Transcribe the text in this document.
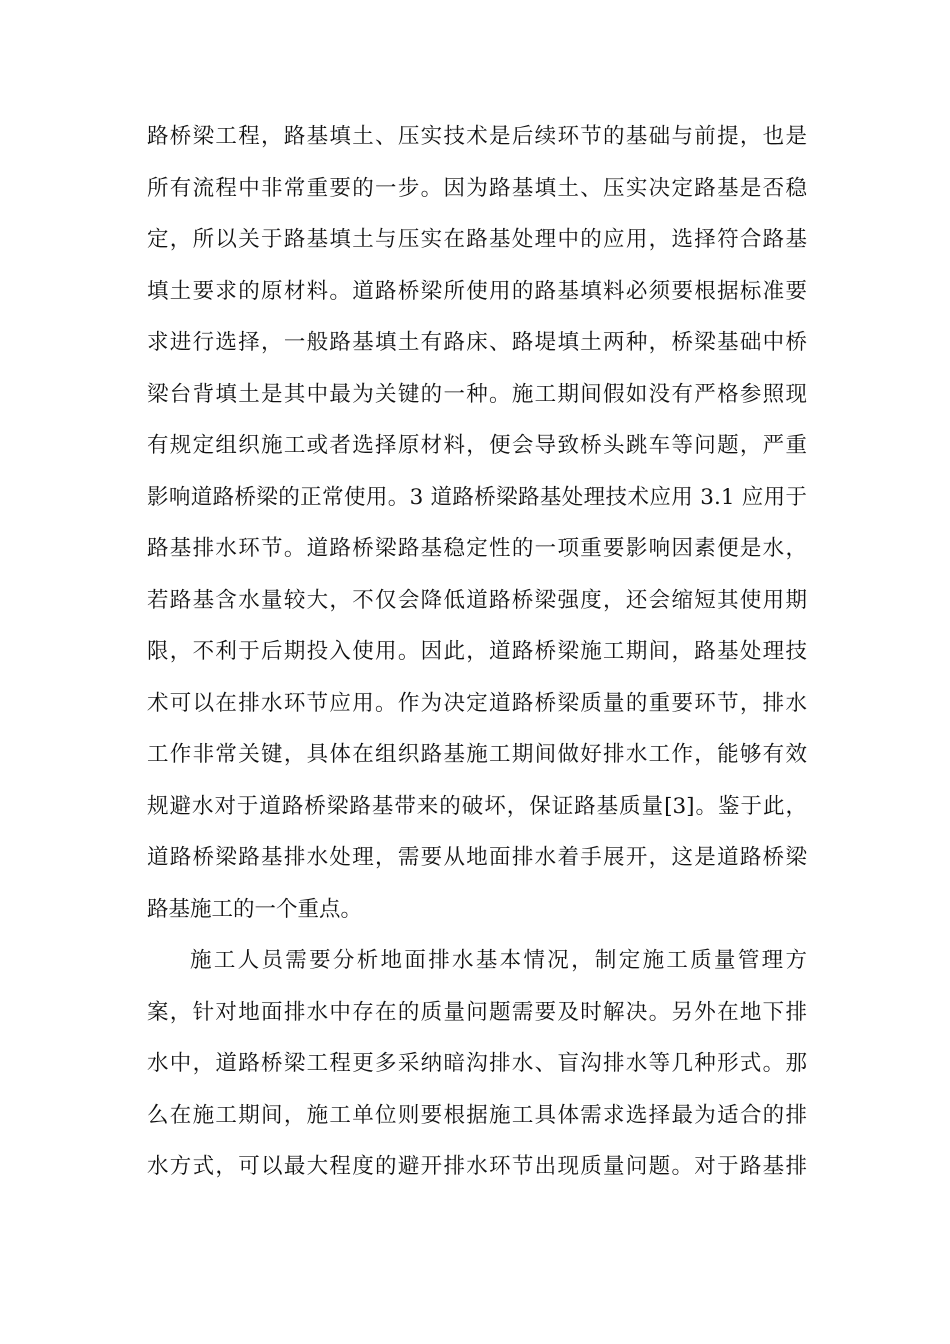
路桥梁工程，路基填土、压实技术是后续环节的基础与前提，也是
所有流程中非常重要的一步。因为路基填土、压实决定路基是否稳
定，所以关于路基填土与压实在路基处理中的应用，选择符合路基
填土要求的原材料。道路桥梁所使用的路基填料必须要根据标准要
求进行选择，一般路基填土有路床、路堤填土两种，桥梁基础中桥
梁台背填土是其中最为关键的一种。施工期间假如没有严格参照现
有规定组织施工或者选择原材料，便会导致桥头跳车等问题，严重
影响道路桥梁的正常使用。3 道路桥梁路基处理技术应用 3.1 应用于
路基排水环节。道路桥梁路基稳定性的一项重要影响因素便是水，
若路基含水量较大，不仅会降低道路桥梁强度，还会缩短其使用期
限，不利于后期投入使用。因此，道路桥梁施工期间，路基处理技
术可以在排水环节应用。作为决定道路桥梁质量的重要环节，排水
工作非常关键，具体在组织路基施工期间做好排水工作，能够有效
规避水对于道路桥梁路基带来的破坏，保证路基质量[3]。鉴于此，
道路桥梁路基排水处理，需要从地面排水着手展开，这是道路桥梁
路基施工的一个重点。
施工人员需要分析地面排水基本情况，制定施工质量管理方
案，针对地面排水中存在的质量问题需要及时解决。另外在地下排
水中，道路桥梁工程更多采纳暗沟排水、盲沟排水等几种形式。那
么在施工期间，施工单位则要根据施工具体需求选择最为适合的排
水方式，可以最大程度的避开排水环节出现质量问题。对于路基排
